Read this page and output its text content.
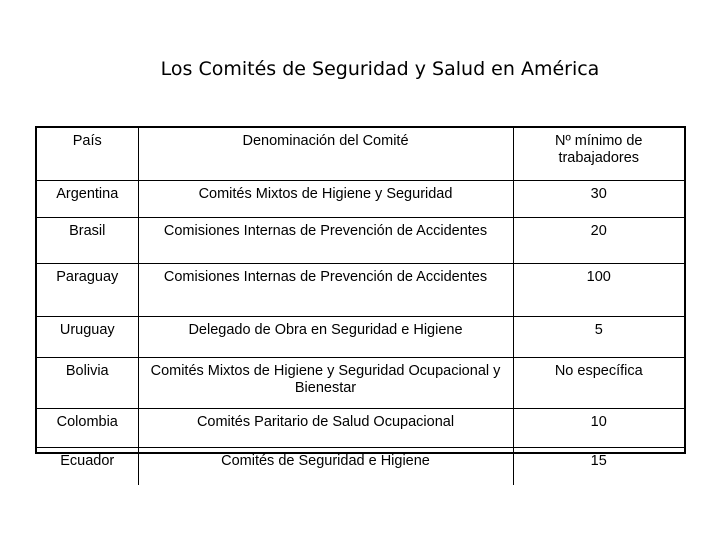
Los Comités de Seguridad y Salud en América
País	Denominación del Comité	Nº mínimo de trabajadores
Argentina	Comités Mixtos de Higiene y Seguridad	30
Brasil	Comisiones Internas de Prevención de Accidentes	20
Paraguay	Comisiones Internas de Prevención de Accidentes	100
Uruguay	Delegado de Obra en Seguridad e Higiene	5
Bolivia	Comités Mixtos de Higiene y Seguridad Ocupacional y Bienestar	No específica
Colombia	Comités Paritario de Salud Ocupacional	10
Ecuador	Comités de Seguridad e Higiene	15
